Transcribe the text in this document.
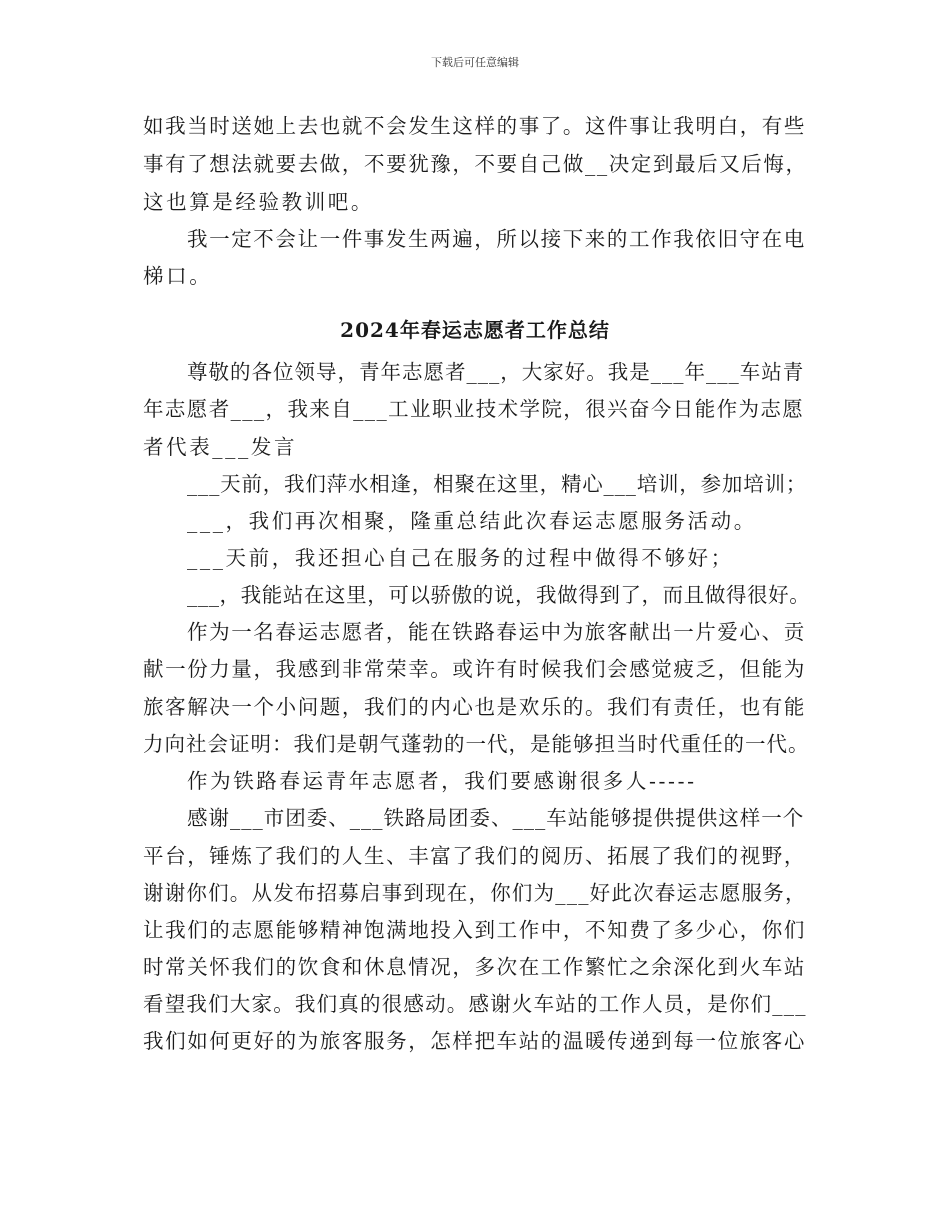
下载后可任意编辑
如我当时送她上去也就不会发生这样的事了。这件事让我明白，有些
事有了想法就要去做，不要犹豫，不要自己做__决定到最后又后悔，
这也算是经验教训吧。
我一定不会让一件事发生两遍，所以接下来的工作我依旧守在电
梯口。
2024年春运志愿者工作总结
尊敬的各位领导，青年志愿者___，大家好。我是___年___车站青
年志愿者___，我来自___工业职业技术学院，很兴奋今日能作为志愿
者代表___发言
___天前，我们萍水相逢，相聚在这里，精心___培训，参加培训；
___，我们再次相聚，隆重总结此次春运志愿服务活动。
___天前，我还担心自己在服务的过程中做得不够好；
___，我能站在这里，可以骄傲的说，我做得到了，而且做得很好。
作为一名春运志愿者，能在铁路春运中为旅客献出一片爱心、贡
献一份力量，我感到非常荣幸。或许有时候我们会感觉疲乏，但能为
旅客解决一个小问题，我们的内心也是欢乐的。我们有责任，也有能
力向社会证明：我们是朝气蓬勃的一代，是能够担当时代重任的一代。
作为铁路春运青年志愿者，我们要感谢很多人-----
感谢___市团委、___铁路局团委、___车站能够提供提供这样一个
平台，锤炼了我们的人生、丰富了我们的阅历、拓展了我们的视野，
谢谢你们。从发布招募启事到现在，你们为___好此次春运志愿服务，
让我们的志愿能够精神饱满地投入到工作中，不知费了多少心，你们
时常关怀我们的饮食和休息情况，多次在工作繁忙之余深化到火车站
看望我们大家。我们真的很感动。感谢火车站的工作人员，是你们___
我们如何更好的为旅客服务，怎样把车站的温暖传递到每一位旅客心
